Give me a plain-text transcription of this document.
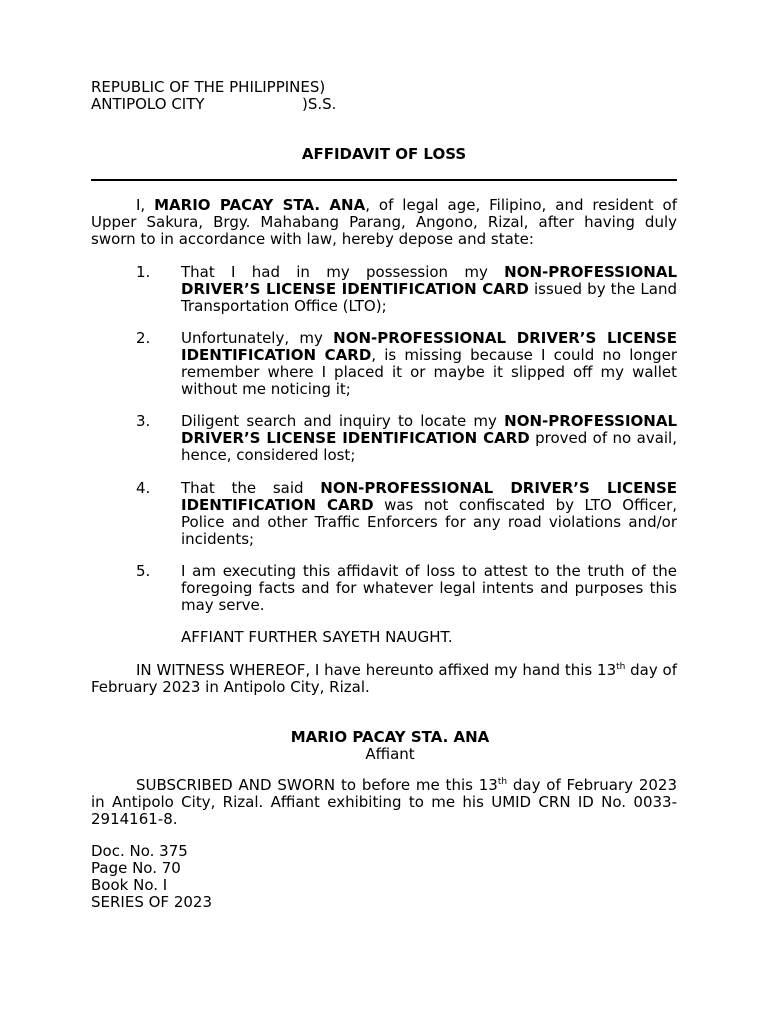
REPUBLIC OF THE PHILIPPINES)
ANTIPOLO CITY	)S.S.
AFFIDAVIT OF LOSS
I, MARIO PACAY STA. ANA, of legal age, Filipino, and resident of Upper Sakura, Brgy. Mahabang Parang, Angono, Rizal, after having duly sworn to in accordance with law, hereby depose and state:
1. That I had in my possession my NON-PROFESSIONAL DRIVER’S LICENSE IDENTIFICATION CARD issued by the Land Transportation Office (LTO);
2. Unfortunately, my NON-PROFESSIONAL DRIVER’S LICENSE IDENTIFICATION CARD, is missing because I could no longer remember where I placed it or maybe it slipped off my wallet without me noticing it;
3. Diligent search and inquiry to locate my NON-PROFESSIONAL DRIVER’S LICENSE IDENTIFICATION CARD proved of no avail, hence, considered lost;
4. That the said NON-PROFESSIONAL DRIVER’S LICENSE IDENTIFICATION CARD was not confiscated by LTO Officer, Police and other Traffic Enforcers for any road violations and/or incidents;
5. I am executing this affidavit of loss to attest to the truth of the foregoing facts and for whatever legal intents and purposes this may serve.
AFFIANT FURTHER SAYETH NAUGHT.
IN WITNESS WHEREOF, I have hereunto affixed my hand this 13th day of February 2023 in Antipolo City, Rizal.
MARIO PACAY STA. ANA
Affiant
SUBSCRIBED AND SWORN to before me this 13th day of February 2023 in Antipolo City, Rizal. Affiant exhibiting to me his UMID CRN ID No. 0033-2914161-8.
Doc. No. 375
Page No. 70
Book No. I
SERIES OF 2023
